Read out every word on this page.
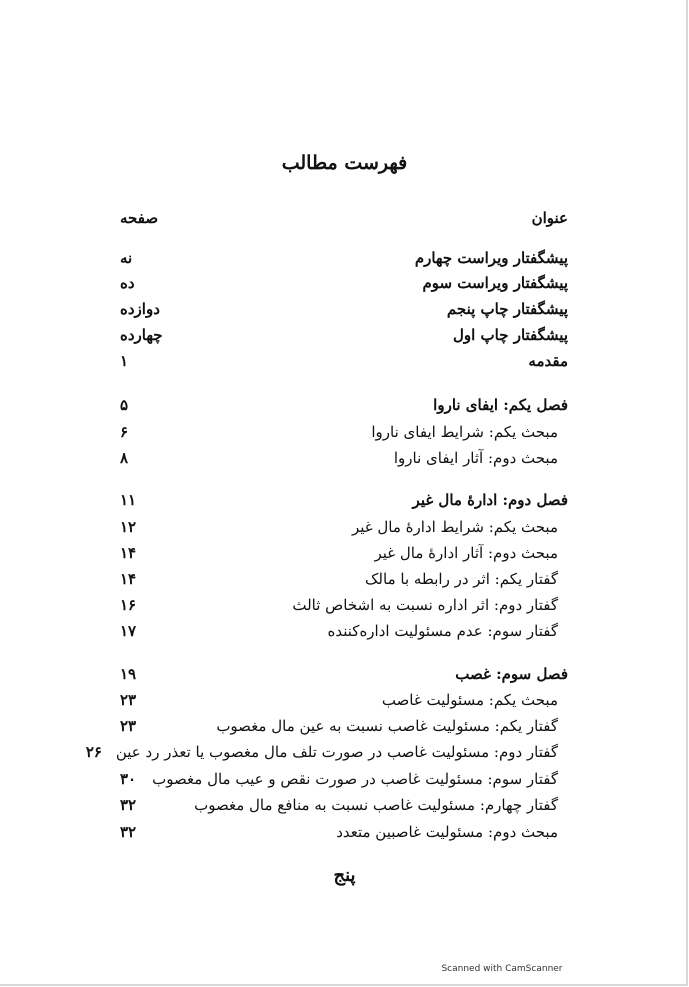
فهرست مطالب
عنوان
صفحه
پیشگفتار ویراست چهارم
نه
پیشگفتار ویراست سوم
ده
پیشگفتار چاپ پنجم
دوازده
پیشگفتار چاپ اول
چهارده
مقدمه
۱
فصل یکم: ایفای ناروا
۵
مبحث یکم: شرایط ایفای ناروا
۶
مبحث دوم: آثار ایفای ناروا
۸
فصل دوم: ادارهٔ مال غیر
۱۱
مبحث یکم: شرایط ادارهٔ مال غیر
۱۲
مبحث دوم: آثار ادارهٔ مال غیر
۱۴
گفتار یکم: اثر در رابطه با مالک
۱۴
گفتار دوم: اثر اداره نسبت به اشخاص ثالث
۱۶
گفتار سوم: عدم مسئولیت اداره‌کننده
۱۷
فصل سوم: غصب
۱۹
مبحث یکم: مسئولیت غاصب
۲۳
گفتار یکم: مسئولیت غاصب نسبت به عین مال مغصوب
۲۳
گفتار دوم: مسئولیت غاصب در صورت تلف مال مغصوب یا تعذر رد عین
۲۶
گفتار سوم: مسئولیت غاصب در صورت نقص و عیب مال مغصوب
۳۰
گفتار چهارم: مسئولیت غاصب نسبت به منافع مال مغصوب
۳۲
مبحث دوم: مسئولیت غاصبین متعدد
۳۲
پنج
Scanned with CamScanner
